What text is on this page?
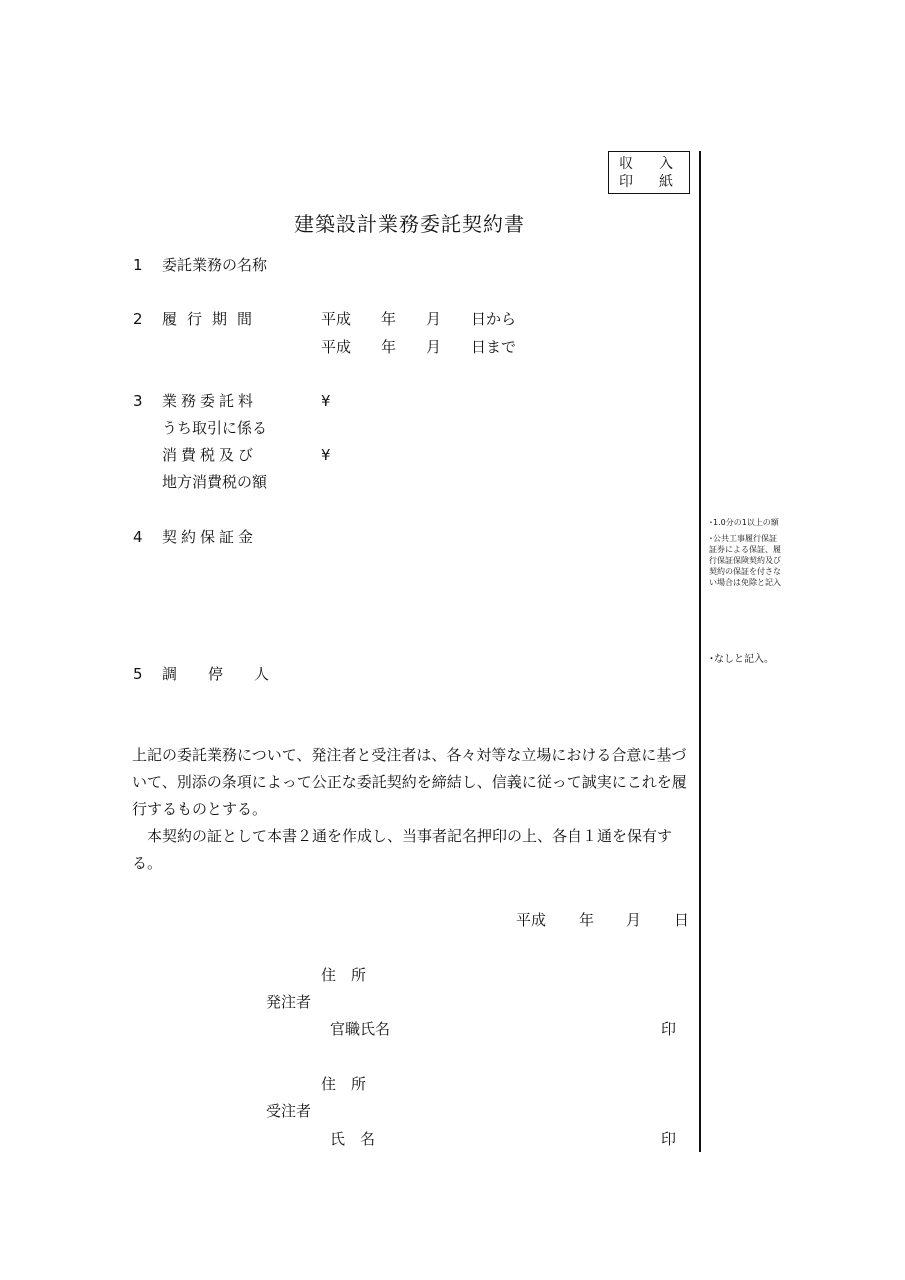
収　入
印　紙
建築設計業務委託契約書
1 委託業務の名称
2 履行期間	平成　　年　　月　　日から
平成　　年　　月　　日まで
3 業務委託料	¥
うち取引に係る
消費税及び	¥
地方消費税の額
4 契約保証金
5 調　停　人
上記の委託業務について、発注者と受注者は、各々対等な立場における合意に基づいて、別添の条項によって公正な委託契約を締結し、信義に従って誠実にこれを履行するものとする。
本契約の証として本書２通を作成し、当事者記名押印の上、各自１通を保有する。
平成 年 月 日
住　所
発注者
官職氏名	印
住　所
受注者
氏　名	印
･1.0分の1以上の額
･公共工事履行保証証券による保証、履行保証保険契約及び契約の保証を付さない場合は免除と記入
･なしと記入。
